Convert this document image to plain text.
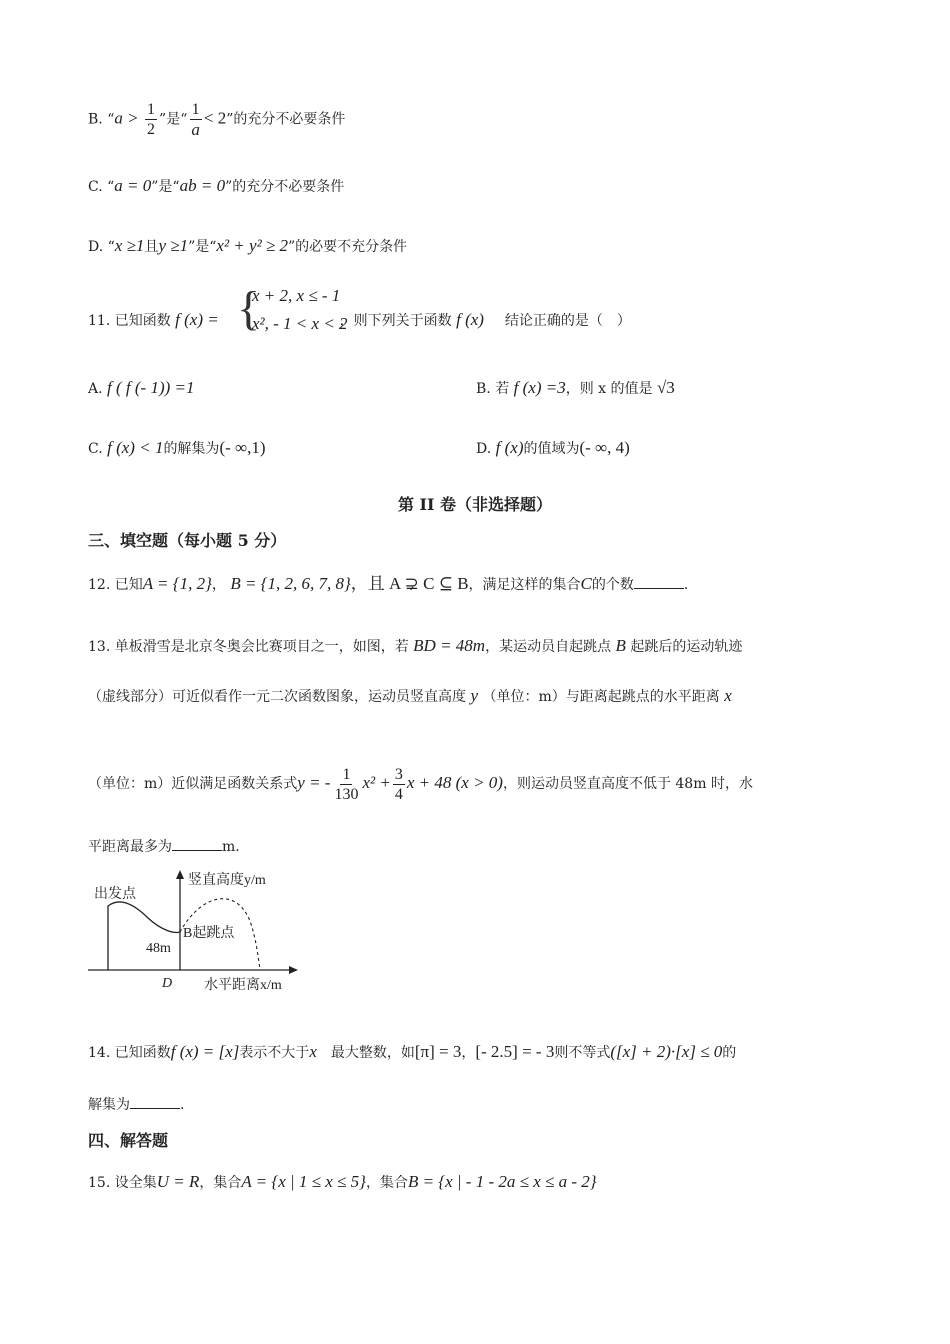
B. “$a > \frac{1}{2}$ ”是“ $\frac{1}{a} < 2$”的充分不必要条件
C. “a = 0”是“ab = 0”的充分不必要条件
D. “x ≥1且y ≥1”是“x² + y² ≥ 2”的必要不充分条件
11. 已知函数 f (x) =	，则下列关于函数 f (x) 结论正确的是（　）
{
x + 2, x ≤ - 1
x², - 1 < x < 2
A. f ( f (- 1)) =1	B. 若 f (x) =3，则 x 的值是 √3
C. f (x) < 1的解集为(- ∞,1)	D. f (x)的值域为(- ∞, 4)
第 II 卷（非选择题）
三、填空题（每小题 5 分）
12. 已知A = {1, 2}， B = {1, 2, 6, 7, 8}，且 A ⊋ C ⊆ B，满足这样的集合C的个数	.
13. 单板滑雪是北京冬奥会比赛项目之一，如图，若 BD = 48m，某运动员自起跳点 B 起跳后的运动轨迹
（虚线部分）可近似看作一元二次函数图象，运动员竖直高度 y （单位：m）与距离起跳点的水平距离 x
（单位：m）近似满足函数关系式y = - $\frac{1}{130} x^2 + \frac{3}{4}$ x + 48 (x > 0)，则运动员竖直高度不低于 48m 时，水
平距离最多为	m.
出发点
竖直高度y/m
B起跳点
48m
D 水平距离x/m
14. 已知函数f (x) = [x]表示不大于x　 最大整数，如[π] = 3，[- 2.5] = - 3则不等式([x] + 2)·[x] ≤ 0的
解集为	.
四、解答题
15. 设全集U = R，集合A = {x | 1 ≤ x ≤ 5}，集合B = {x | - 1 - 2a ≤ x ≤ a - 2}
